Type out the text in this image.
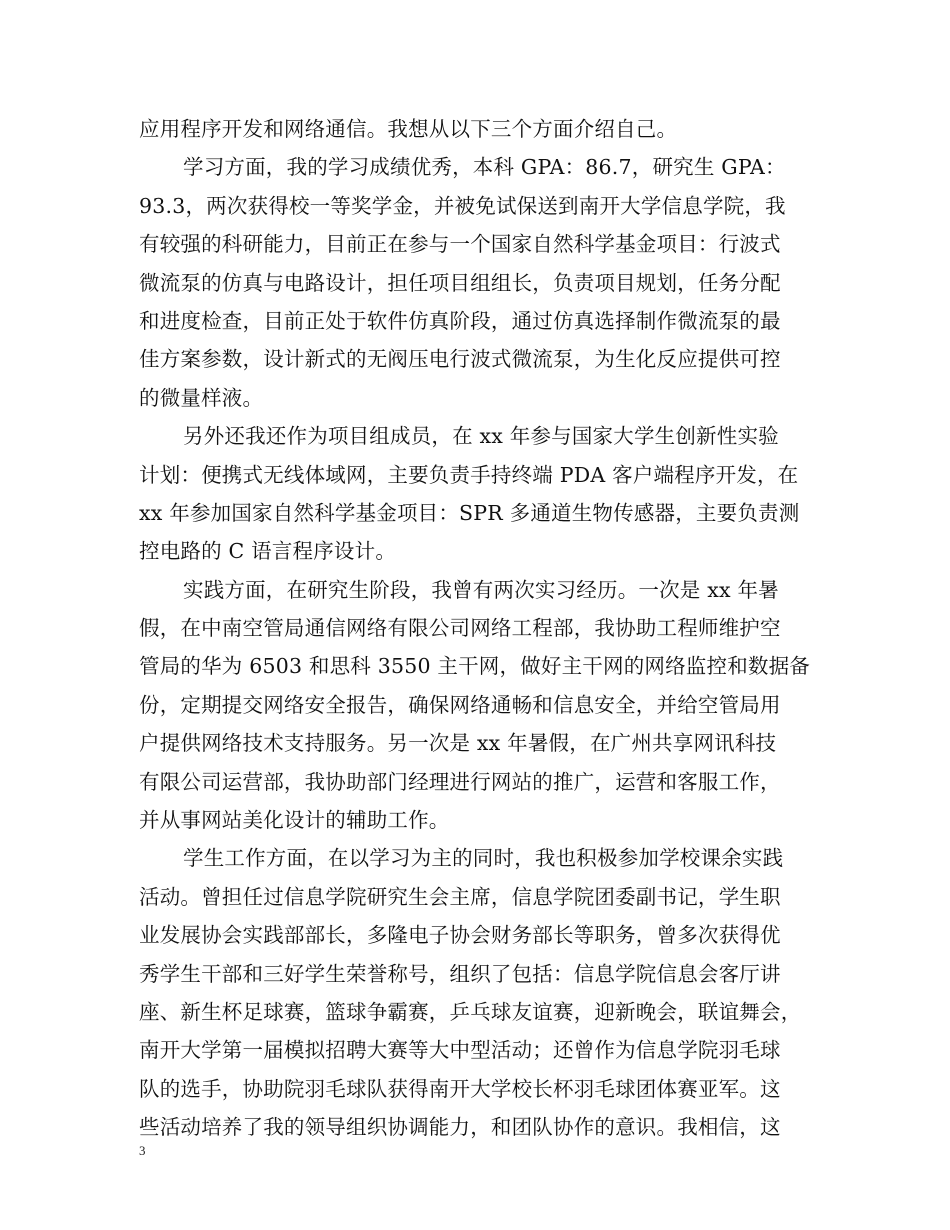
应用程序开发和网络通信。我想从以下三个方面介绍自己。
学习方面，我的学习成绩优秀，本科 GPA：86.7，研究生 GPA：
93.3，两次获得校一等奖学金，并被免试保送到南开大学信息学院，我
有较强的科研能力，目前正在参与一个国家自然科学基金项目：行波式
微流泵的仿真与电路设计，担任项目组组长，负责项目规划，任务分配
和进度检查，目前正处于软件仿真阶段，通过仿真选择制作微流泵的最
佳方案参数，设计新式的无阀压电行波式微流泵，为生化反应提供可控
的微量样液。
另外还我还作为项目组成员，在 xx 年参与国家大学生创新性实验
计划：便携式无线体域网，主要负责手持终端 PDA 客户端程序开发，在
xx 年参加国家自然科学基金项目：SPR 多通道生物传感器，主要负责测
控电路的 C 语言程序设计。
实践方面，在研究生阶段，我曾有两次实习经历。一次是 xx 年暑
假，在中南空管局通信网络有限公司网络工程部，我协助工程师维护空
管局的华为 6503 和思科 3550 主干网，做好主干网的网络监控和数据备
份，定期提交网络安全报告，确保网络通畅和信息安全，并给空管局用
户提供网络技术支持服务。另一次是 xx 年暑假，在广州共享网讯科技
有限公司运营部，我协助部门经理进行网站的推广，运营和客服工作，
并从事网站美化设计的辅助工作。
学生工作方面，在以学习为主的同时，我也积极参加学校课余实践
活动。曾担任过信息学院研究生会主席，信息学院团委副书记，学生职
业发展协会实践部部长，多隆电子协会财务部长等职务，曾多次获得优
秀学生干部和三好学生荣誉称号，组织了包括：信息学院信息会客厅讲
座、新生杯足球赛，篮球争霸赛，乒乓球友谊赛，迎新晚会，联谊舞会，
南开大学第一届模拟招聘大赛等大中型活动；还曾作为信息学院羽毛球
队的选手，协助院羽毛球队获得南开大学校长杯羽毛球团体赛亚军。这
些活动培养了我的领导组织协调能力，和团队协作的意识。我相信，这
3
